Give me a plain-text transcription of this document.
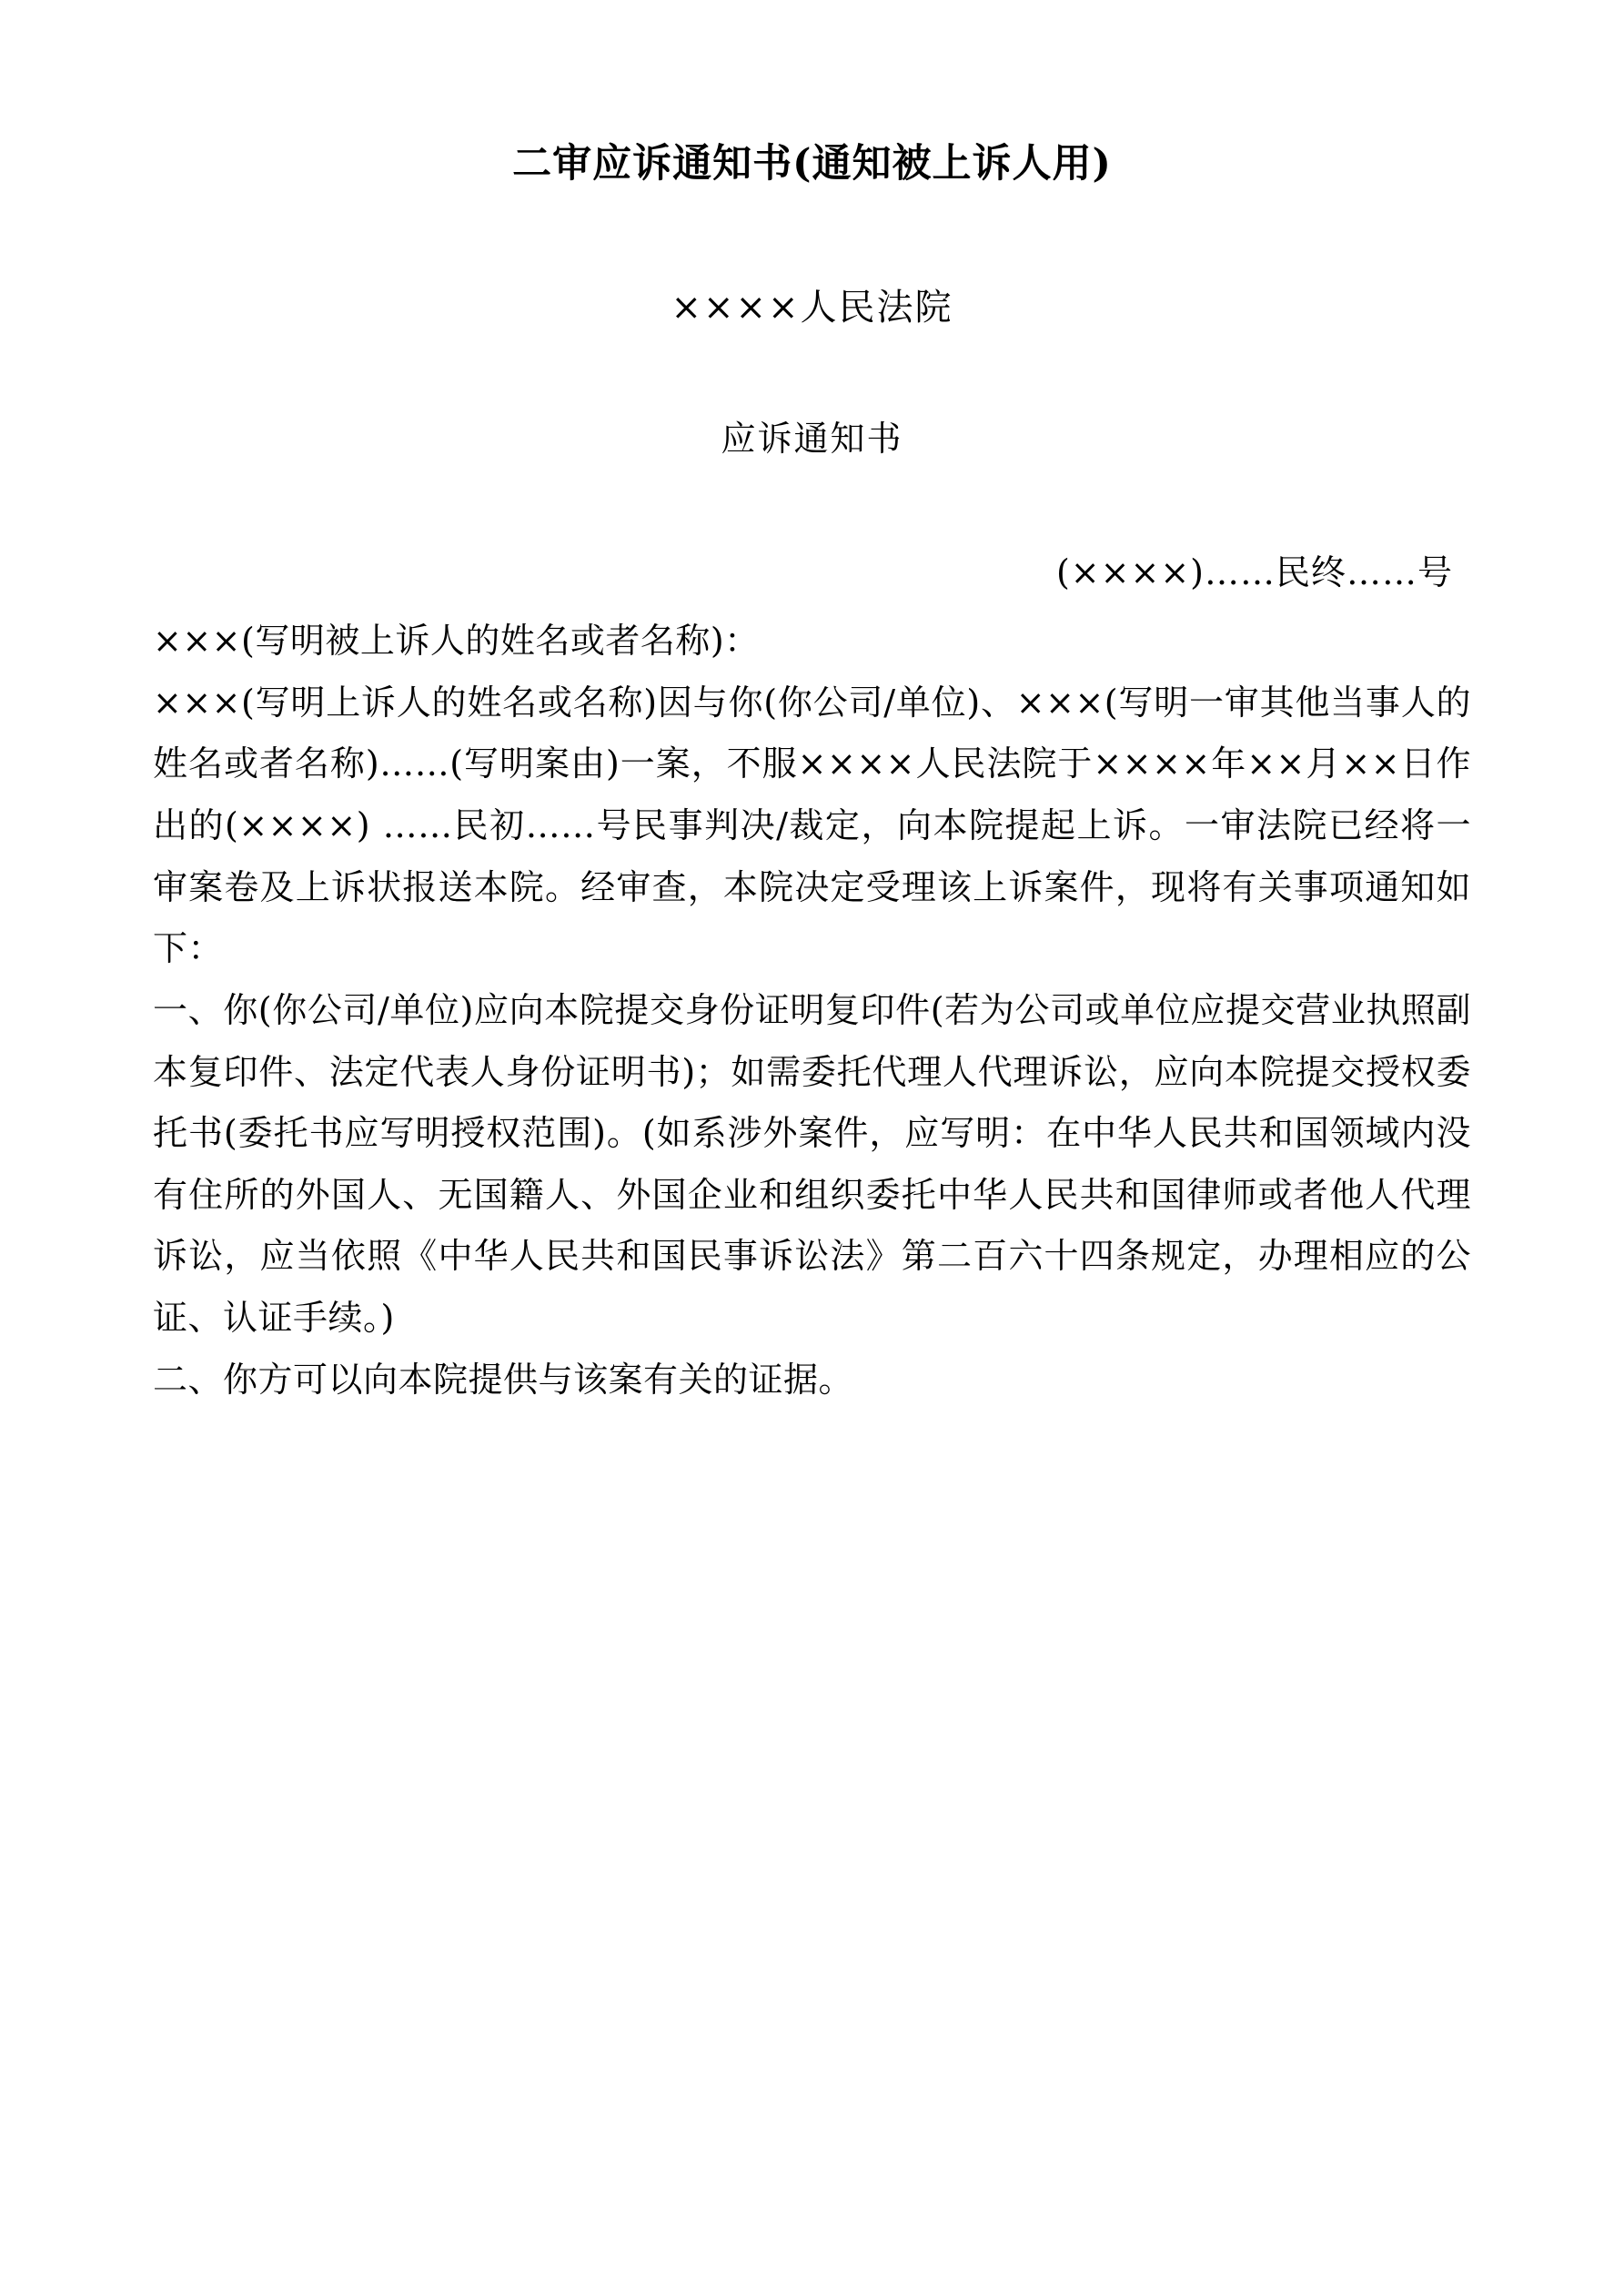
二审应诉通知书(通知被上诉人用)

××××人民法院

应诉通知书

(××××)……民终……号

×××(写明被上诉人的姓名或者名称)：

×××(写明上诉人的姓名或名称)因与你(你公司/单位)、×××(写明一审其他当事人的姓名或者名称)……(写明案由)一案，不服××××人民法院于××××年××月××日作出的(××××) ……民初……号民事判决/裁定，向本院提起上诉。一审法院已经将一审案卷及上诉状报送本院。经审查，本院决定受理该上诉案件，现将有关事项通知如下：

一、你(你公司/单位)应向本院提交身份证明复印件(若为公司或单位应提交营业执照副本复印件、法定代表人身份证明书)；如需委托代理人代理诉讼，应向本院提交授权委托书(委托书应写明授权范围)。(如系涉外案件，应写明：在中华人民共和国领域内没有住所的外国人、无国籍人、外国企业和组织委托中华人民共和国律师或者他人代理诉讼，应当依照《中华人民共和国民事诉讼法》第二百六十四条规定，办理相应的公证、认证手续。)

二、你方可以向本院提供与该案有关的证据。
